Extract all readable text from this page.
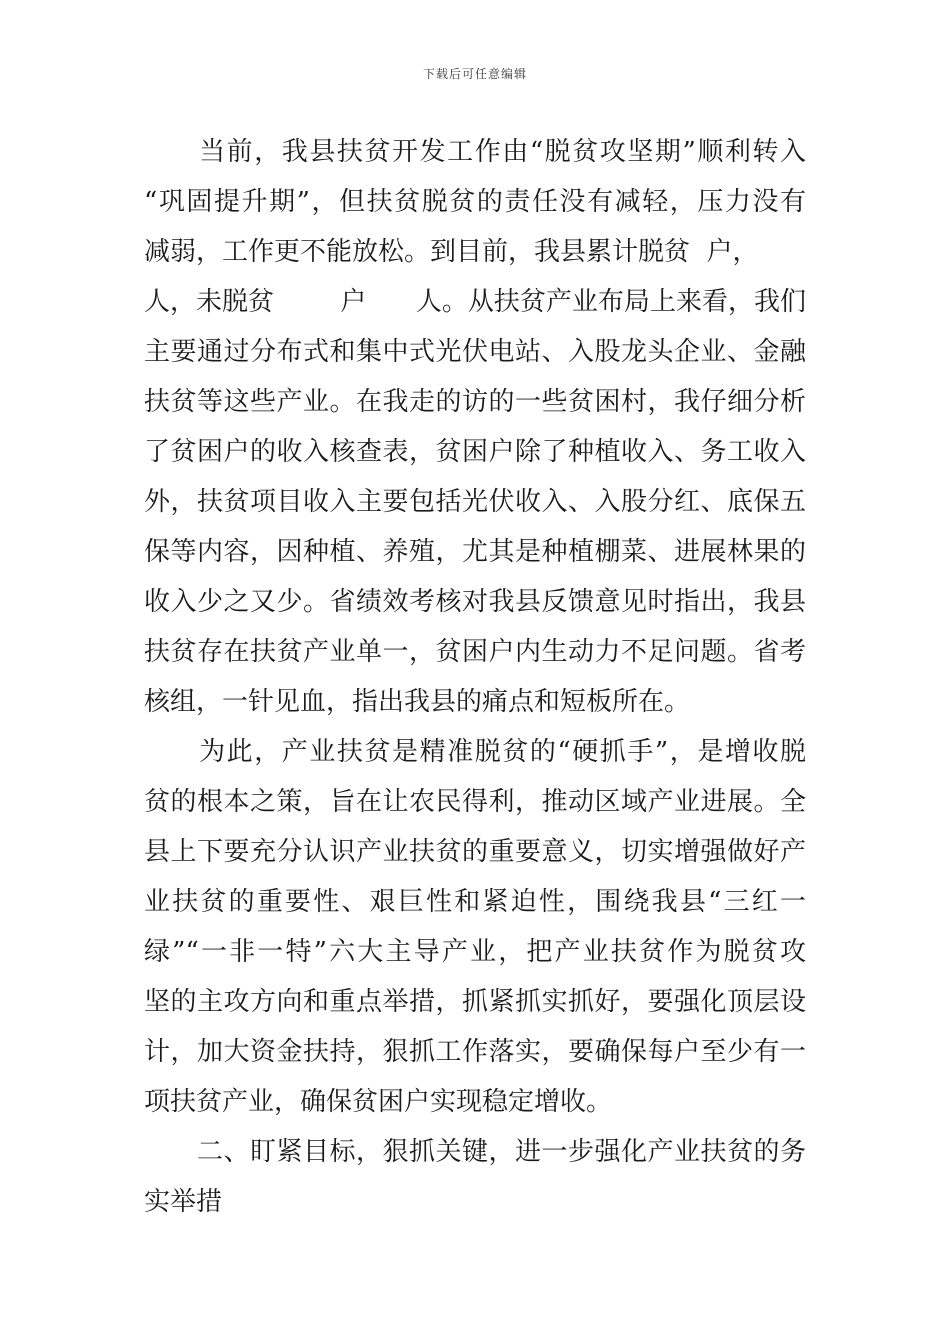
下载后可任意编辑
　　当前，我县扶贫开发工作由“脱贫攻坚期”顺利转入
“巩固提升期”，但扶贫脱贫的责任没有减轻，压力没有
减弱，工作更不能放松。到目前，我县累计脱贫  户，
人，未脱贫        户      人。从扶贫产业布局上来看，我们
主要通过分布式和集中式光伏电站、入股龙头企业、金融
扶贫等这些产业。在我走的访的一些贫困村，我仔细分析
了贫困户的收入核查表，贫困户除了种植收入、务工收入
外，扶贫项目收入主要包括光伏收入、入股分红、底保五
保等内容，因种植、养殖，尤其是种植棚菜、进展林果的
收入少之又少。省绩效考核对我县反馈意见时指出，我县
扶贫存在扶贫产业单一，贫困户内生动力不足问题。省考
核组，一针见血，指出我县的痛点和短板所在。
　　为此，产业扶贫是精准脱贫的“硬抓手”，是增收脱
贫的根本之策，旨在让农民得利，推动区域产业进展。全
县上下要充分认识产业扶贫的重要意义，切实增强做好产
业扶贫的重要性、艰巨性和紧迫性，围绕我县“三红一
绿”“一非一特”六大主导产业，把产业扶贫作为脱贫攻
坚的主攻方向和重点举措，抓紧抓实抓好，要强化顶层设
计，加大资金扶持，狠抓工作落实，要确保每户至少有一
项扶贫产业，确保贫困户实现稳定增收。
　　二、盯紧目标，狠抓关键，进一步强化产业扶贫的务
实举措
